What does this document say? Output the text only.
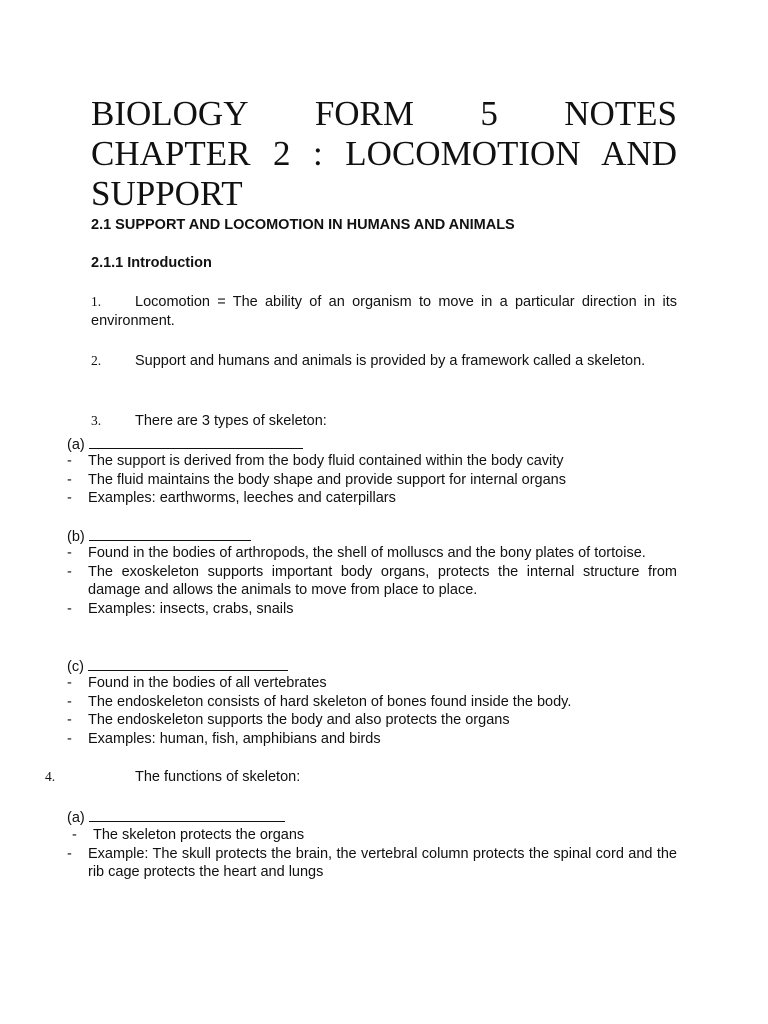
BIOLOGY FORM 5 NOTES
CHAPTER 2 : LOCOMOTION AND SUPPORT

2.1 SUPPORT AND LOCOMOTION IN HUMANS AND ANIMALS

2.1.1 Introduction

1. Locomotion = The ability of an organism to move in a particular direction in its environment.

2. Support and humans and animals is provided by a framework called a skeleton.

3. There are 3 types of skeleton:

(a)
-	The support is derived from the body fluid contained within the body cavity
-	The fluid maintains the body shape and provide support for internal organs
-	Examples: earthworms, leeches and caterpillars
(b)
-	Found in the bodies of arthropods, the shell of molluscs and the bony plates of tortoise.
-	The exoskeleton supports important body organs, protects the internal structure from damage and allows the animals to move from place to place.
-	Examples: insects, crabs, snails
(c)
-	Found in the bodies of all vertebrates
-	The endoskeleton consists of hard skeleton of bones found inside the body.
-	The endoskeleton supports the body and also protects the organs
-	Examples: human, fish, amphibians and birds
4.	The functions of skeleton:
(a)
-	The skeleton protects the organs
-	Example: The skull protects the brain, the vertebral column protects the spinal cord and the rib cage protects the heart and lungs
